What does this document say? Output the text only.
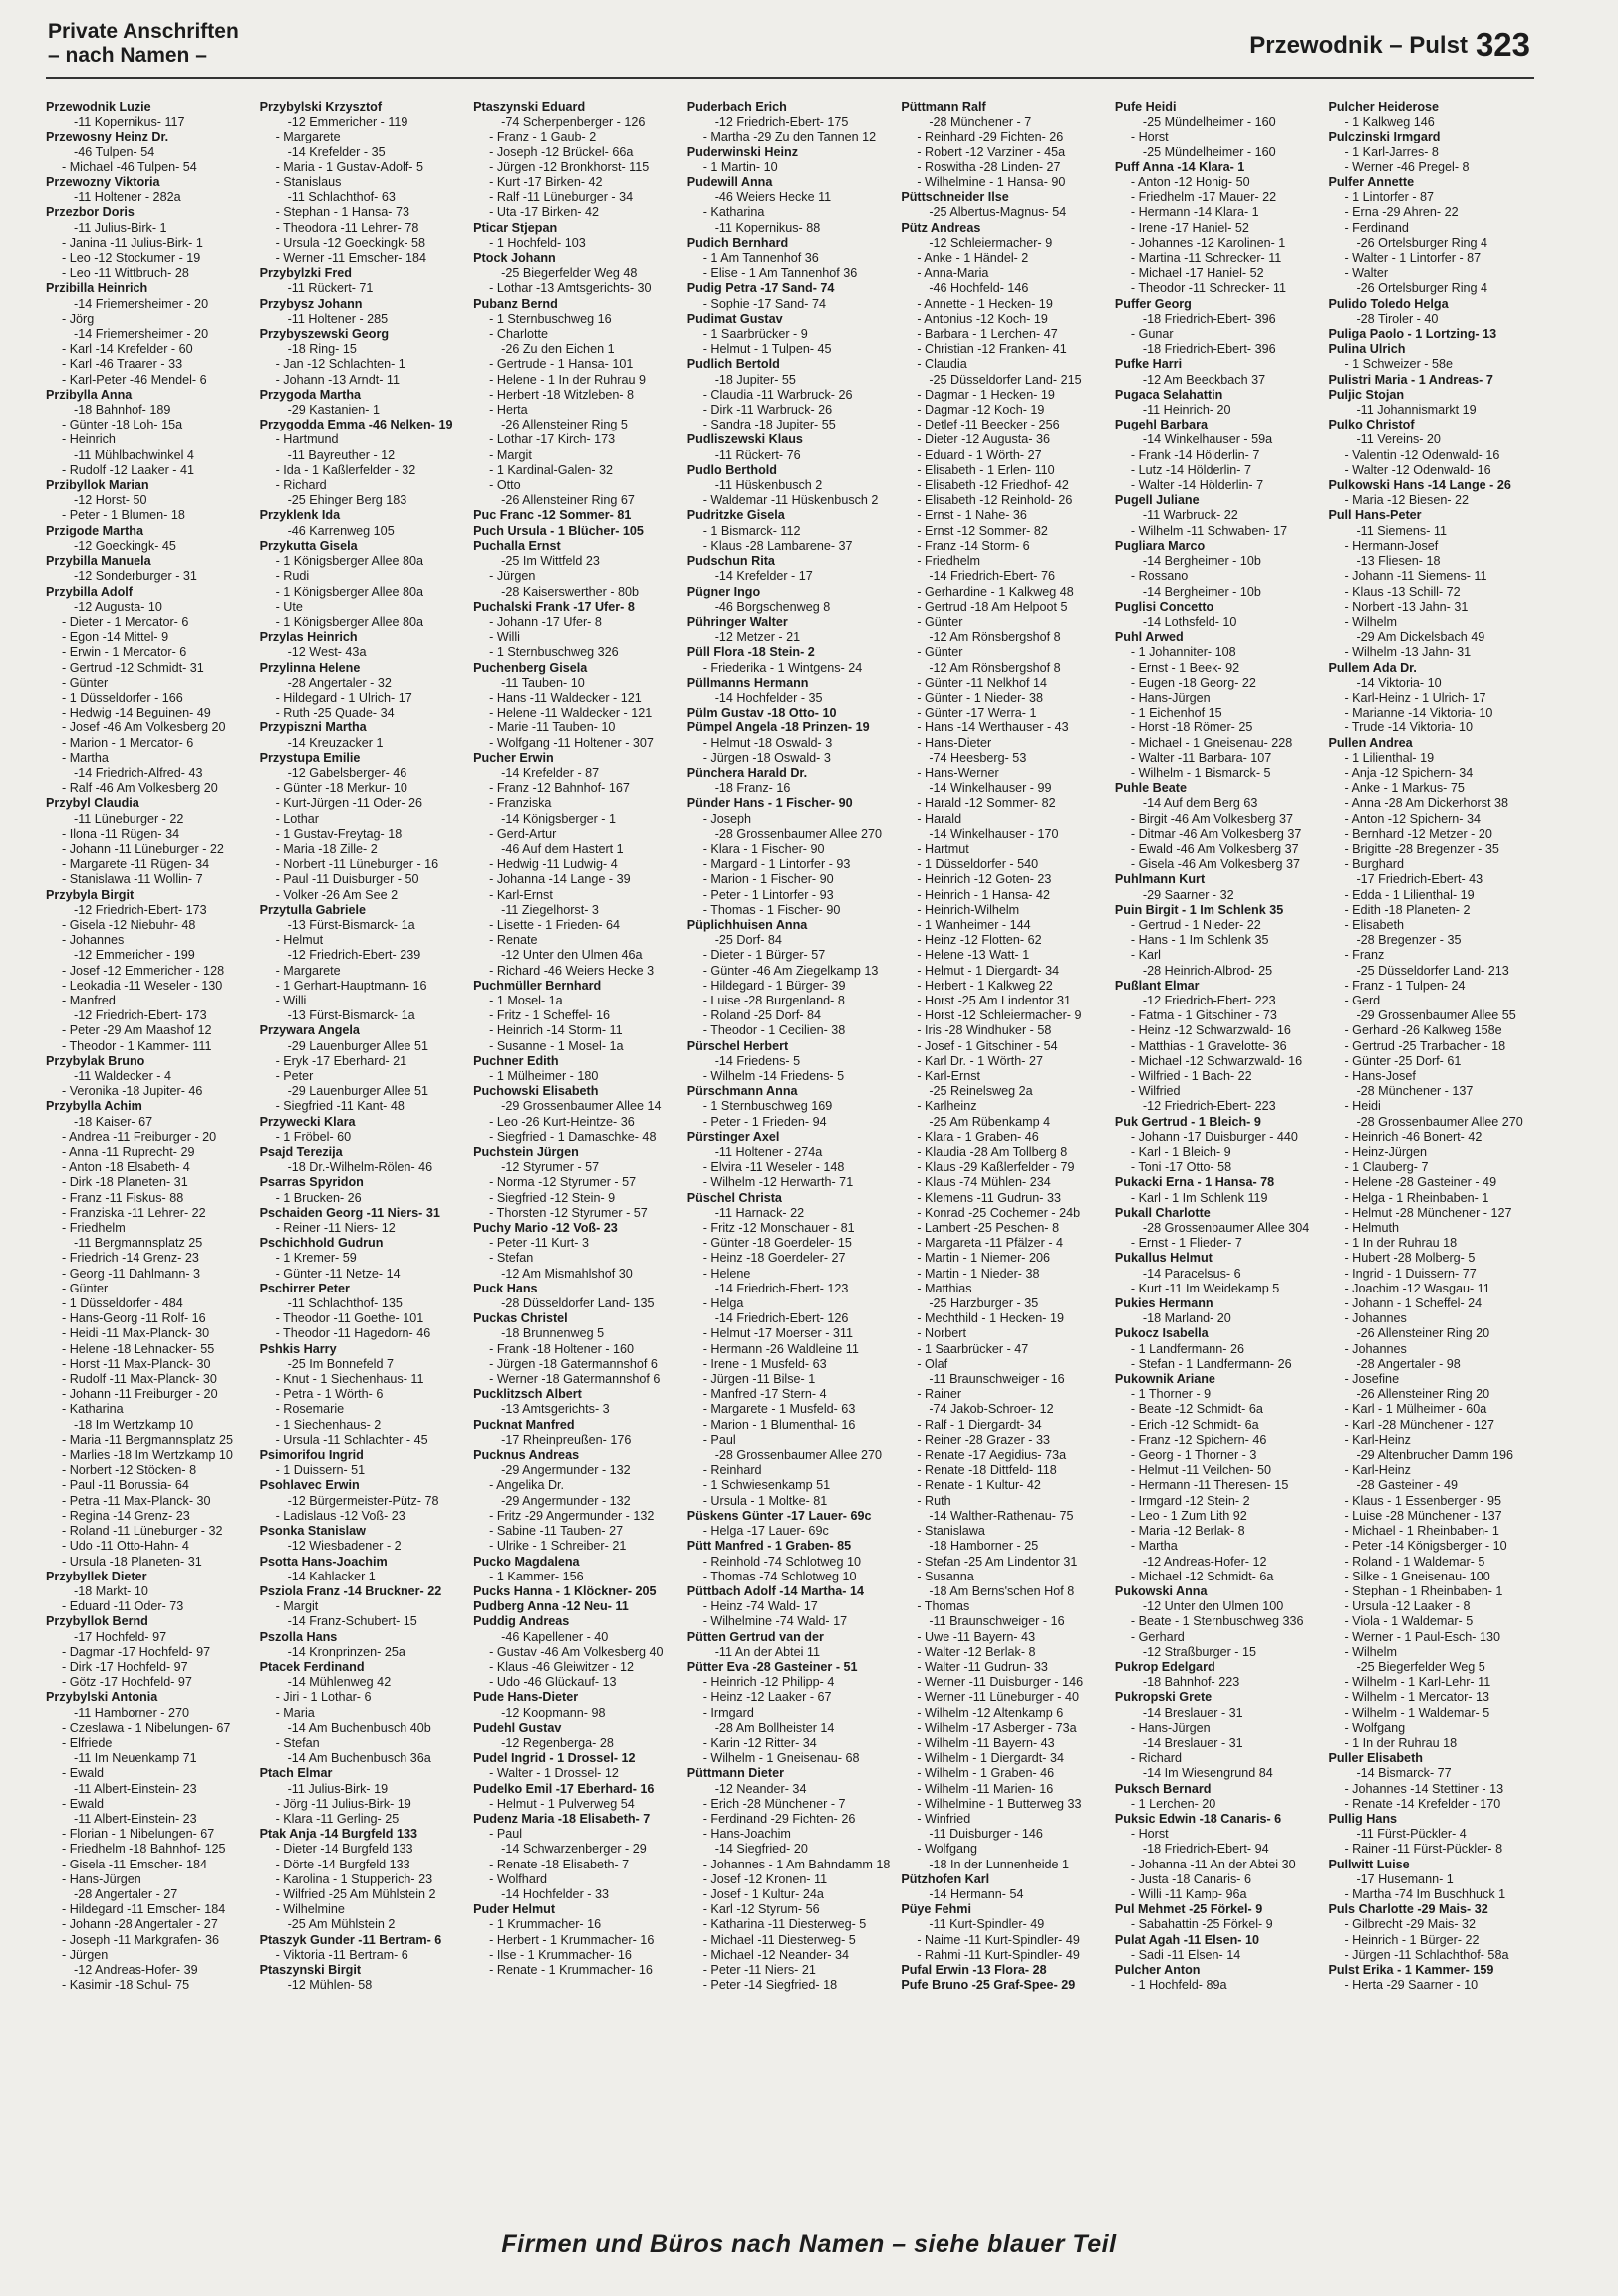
Private Anschriften
– nach Namen –	Przewodnik – Pulst 323
Przewodnik Luzie
-11 Kopernikus- 117
Przewosny Heinz Dr.
-46 Tulpen- 54
- Michael -46 Tulpen- 54
Przewozny Viktoria
-11 Holtener - 282a
Przezbor Doris
-11 Julius-Birk- 1
- Janina -11 Julius-Birk- 1
- Leo -12 Stockumer - 19
- Leo -11 Wittbruch- 28
Przibilla Heinrich
-14 Friemersheimer - 20
- Jörg
-14 Friemersheimer - 20
- Karl -14 Krefelder - 60
- Karl -46 Traarer - 33
- Karl-Peter -46 Mendel- 6
Przibylla Anna
-18 Bahnhof- 189
- Günter -18 Loh- 15a
- Heinrich
-11 Mühlbachwinkel 4
- Rudolf -12 Laaker - 41
Przibyllok Marian
-12 Horst- 50
- Peter - 1 Blumen- 18
Przigode Martha
-12 Goeckingk- 45
Przybilla Manuela
-12 Sonderburger - 31
Przybilla Adolf
-12 Augusta- 10
- Dieter - 1 Mercator- 6
- Egon -14 Mittel- 9
- Erwin - 1 Mercator- 6
- Gertrud -12 Schmidt- 31
- Günter
- 1 Düsseldorfer - 166
- Hedwig -14 Beguinen- 49
- Josef -46 Am Volkesberg 20
- Marion - 1 Mercator- 6
- Martha
-14 Friedrich-Alfred- 43
- Ralf -46 Am Volkesberg 20
Przybyl Claudia
-11 Lüneburger - 22
- Ilona -11 Rügen- 34
- Johann -11 Lüneburger - 22
- Margarete -11 Rügen- 34
- Stanislawa -11 Wollin- 7
Przybyla Birgit
-12 Friedrich-Ebert- 173
- Gisela -12 Niebuhr- 48
- Johannes
-12 Emmericher - 199
- Josef -12 Emmericher - 128
- Leokadia -11 Weseler - 130
- Manfred
-12 Friedrich-Ebert- 173
- Peter -29 Am Maashof 12
- Theodor - 1 Kammer- 111
Przybylak Bruno
-11 Waldecker - 4
- Veronika -18 Jupiter- 46
Przybylla Achim
-18 Kaiser- 67
- Andrea -11 Freiburger - 20
- Anna -11 Ruprecht- 29
- Anton -18 Elsabeth- 4
- Dirk -18 Planeten- 31
- Franz -11 Fiskus- 88
- Franziska -11 Lehrer- 22
- Friedhelm
-11 Bergmannsplatz 25
- Friedrich -14 Grenz- 23
- Georg -11 Dahlmann- 3
- Günter
- 1 Düsseldorfer - 484
- Hans-Georg -11 Rolf- 16
- Heidi -11 Max-Planck- 30
- Helene -18 Lehnacker- 55
- Horst -11 Max-Planck- 30
- Rudolf -11 Max-Planck- 30
- Johann -11 Freiburger - 20
- Katharina
-18 Im Wertzkamp 10
- Maria -11 Bergmannsplatz 25
- Marlies -18 Im Wertzkamp 10
- Norbert -12 Stöcken- 8
- Paul -11 Borussia- 64
- Petra -11 Max-Planck- 30
- Regina -14 Grenz- 23
- Roland -11 Lüneburger - 32
- Udo -11 Otto-Hahn- 4
- Ursula -18 Planeten- 31
Przybyllek Dieter
-18 Markt- 10
- Eduard -11 Oder- 73
Przybyllok Bernd
-17 Hochfeld- 97
- Dagmar -17 Hochfeld- 97
- Dirk -17 Hochfeld- 97
- Götz -17 Hochfeld- 97
Przybylski Antonia
-11 Hamborner - 270
- Czeslawa - 1 Nibelungen- 67
- Elfriede
-11 Im Neuenkamp 71
- Ewald
-11 Albert-Einstein- 23
- Ewald
-11 Albert-Einstein- 23
- Florian - 1 Nibelungen- 67
- Friedhelm -18 Bahnhof- 125
- Gisela -11 Emscher- 184
- Hans-Jürgen
-28 Angertaler - 27
- Hildegard -11 Emscher- 184
- Johann -28 Angertaler - 27
- Joseph -11 Markgrafen- 36
- Jürgen
-12 Andreas-Hofer- 39
- Kasimir -18 Schul- 75
Przybylski Krzysztof
-12 Emmericher - 119
- Margarete
-14 Krefelder - 35
- Maria - 1 Gustav-Adolf- 5
- Stanislaus
-11 Schlachthof- 63
- Stephan - 1 Hansa- 73
- Theodora -11 Lehrer- 78
- Ursula -12 Goeckingk- 58
- Werner -11 Emscher- 184
Przybylzki Fred
-11 Rückert- 71
Przybysz Johann
-11 Holtener - 285
Przybyszewski Georg
-18 Ring- 15
- Jan -12 Schlachten- 1
- Johann -13 Arndt- 11
Przygoda Martha
-29 Kastanien- 1
Przygodda Emma -46 Nelken- 19
- Hartmund
-11 Bayreuther - 12
- Ida - 1 Kaßlerfelder - 32
- Richard
-25 Ehinger Berg 183
Przyklenk Ida
-46 Karrenweg 105
Przykutta Gisela
- 1 Königsberger Allee 80a
- Rudi
- 1 Königsberger Allee 80a
- Ute
- 1 Königsberger Allee 80a
Przylas Heinrich
-12 West- 43a
Przylinna Helene
-28 Angertaler - 32
- Hildegard - 1 Ulrich- 17
- Ruth -25 Quade- 34
Przypiszni Martha
-14 Kreuzacker 1
Przystupa Emilie
-12 Gabelsberger- 46
- Günter -18 Merkur- 10
- Kurt-Jürgen -11 Oder- 26
- Lothar
- 1 Gustav-Freytag- 18
- Maria -18 Zille- 2
- Norbert -11 Lüneburger - 16
- Paul -11 Duisburger - 50
- Volker -26 Am See 2
Przytulla Gabriele
-13 Fürst-Bismarck- 1a
- Helmut
-12 Friedrich-Ebert- 239
- Margarete
- 1 Gerhart-Hauptmann- 16
- Willi
-13 Fürst-Bismarck- 1a
Przywara Angela
-29 Lauenburger Allee 51
- Eryk -17 Eberhard- 21
- Peter
-29 Lauenburger Allee 51
- Siegfried -11 Kant- 48
Przywecki Klara
- 1 Fröbel- 60
Psajd Terezija
-18 Dr.-Wilhelm-Rölen- 46
Psarras Spyridon
- 1 Brucken- 26
Pschaiden Georg -11 Niers- 31
- Reiner -11 Niers- 12
Pschichhold Gudrun
- 1 Kremer- 59
- Günter -11 Netze- 14
Pschirrer Peter
-11 Schlachthof- 135
- Theodor -11 Goethe- 101
- Theodor -11 Hagedorn- 46
Pshkis Harry
-25 Im Bonnefeld 7
- Knut - 1 Siechenhaus- 11
- Petra - 1 Wörth- 6
- Rosemarie
- 1 Siechenhaus- 2
- Ursula -11 Schlachter - 45
Psimorifou Ingrid
- 1 Duissern- 51
Psohlavec Erwin
-12 Bürgermeister-Pütz- 78
- Ladislaus -12 Voß- 23
Psonka Stanislaw
-12 Wiesbadener - 2
Psotta Hans-Joachim
-14 Kahlacker 1
Psziola Franz -14 Bruckner- 22
- Margit
-14 Franz-Schubert- 15
Pszolla Hans
-14 Kronprinzen- 25a
Ptacek Ferdinand
-14 Mühlenweg 42
- Jiri - 1 Lothar- 6
- Maria
-14 Am Buchenbusch 40b
- Stefan
-14 Am Buchenbusch 36a
Ptach Elmar
-11 Julius-Birk- 19
- Jörg -11 Julius-Birk- 19
- Klara -11 Gerling- 25
Ptak Anja -14 Burgfeld 133
- Dieter -14 Burgfeld 133
- Dörte -14 Burgfeld 133
- Karolina - 1 Stupperich- 23
- Wilfried -25 Am Mühlstein 2
- Wilhelmine
-25 Am Mühlstein 2
Ptaszyk Gunder -11 Bertram- 6
- Viktoria -11 Bertram- 6
Ptaszynski Birgit
-12 Mühlen- 58
Ptaszynski Eduard
-74 Scherpenberger - 126
- Franz - 1 Gaub- 2
- Joseph -12 Brückel- 66a
- Jürgen -12 Bronkhorst- 115
- Kurt -17 Birken- 42
- Ralf -11 Lüneburger - 34
- Uta -17 Birken- 42
Pticar Stjepan
- 1 Hochfeld- 103
Ptock Johann
-25 Biegerfelder Weg 48
- Lothar -13 Amtsgerichts- 30
Pubanz Bernd
- 1 Sternbuschweg 16
- Charlotte
-26 Zu den Eichen 1
- Gertrude - 1 Hansa- 101
- Helene - 1 In der Ruhrau 9
- Herbert -18 Witzleben- 8
- Herta
-26 Allensteiner Ring 5
- Lothar -17 Kirch- 173
- Margit
- 1 Kardinal-Galen- 32
- Otto
-26 Allensteiner Ring 67
Puc Franc -12 Sommer- 81
Puch Ursula - 1 Blücher- 105
Puchalla Ernst
-25 Im Wittfeld 23
- Jürgen
-28 Kaiserswerther - 80b
Puchalski Frank -17 Ufer- 8
- Johann -17 Ufer- 8
- Willi
- 1 Sternbuschweg 326
Puchenberg Gisela
-11 Tauben- 10
- Hans -11 Waldecker - 121
- Helene -11 Waldecker - 121
- Marie -11 Tauben- 10
- Wolfgang -11 Holtener - 307
Pucher Erwin
-14 Krefelder - 87
- Franz -12 Bahnhof- 167
- Franziska
-14 Königsberger - 1
- Gerd-Artur
-46 Auf dem Hastert 1
- Hedwig -11 Ludwig- 4
- Johanna -14 Lange - 39
- Karl-Ernst
-11 Ziegelhorst- 3
- Lisette - 1 Frieden- 64
- Renate
-12 Unter den Ulmen 46a
- Richard -46 Weiers Hecke 3
Puchmüller Bernhard
- 1 Mosel- 1a
- Fritz - 1 Scheffel- 16
- Heinrich -14 Storm- 11
- Susanne - 1 Mosel- 1a
Puchner Edith
- 1 Mülheimer - 180
Puchowski Elisabeth
-29 Grossenbaumer Allee 14
- Leo -26 Kurt-Heintze- 36
- Siegfried - 1 Damaschke- 48
Puchstein Jürgen
-12 Styrumer - 57
- Norma -12 Styrumer - 57
- Siegfried -12 Stein- 9
- Thorsten -12 Styrumer - 57
Puchy Mario -12 Voß- 23
- Peter -11 Kurt- 3
- Stefan
-12 Am Mismahlshof 30
Puck Hans
-28 Düsseldorfer Land- 135
Puckas Christel
-18 Brunnenweg 5
- Frank -18 Holtener - 160
- Jürgen -18 Gatermannshof 6
- Werner -18 Gatermannshof 6
Pucklitzsch Albert
-13 Amtsgerichts- 3
Pucknat Manfred
-17 Rheinpreußen- 176
Pucknus Andreas
-29 Angermunder - 132
- Angelika Dr.
-29 Angermunder - 132
- Fritz -29 Angermunder - 132
- Sabine -11 Tauben- 27
- Ulrike - 1 Schreiber- 21
Pucko Magdalena
- 1 Kammer- 156
Pucks Hanna - 1 Klöckner- 205
Pudberg Anna -12 Neu- 11
Puddig Andreas
-46 Kapellener - 40
- Gustav -46 Am Volkesberg 40
- Klaus -46 Gleiwitzer - 12
- Udo -46 Glückauf- 13
Pude Hans-Dieter
-12 Koopmann- 98
Pudehl Gustav
-12 Regenberga- 28
Pudel Ingrid - 1 Drossel- 12
- Walter - 1 Drossel- 12
Pudelko Emil -17 Eberhard- 16
- Helmut - 1 Pulverweg 54
Pudenz Maria -18 Elisabeth- 7
- Paul
-14 Schwarzenberger - 29
- Renate -18 Elisabeth- 7
- Wolfhard
-14 Hochfelder - 33
Puder Helmut
- 1 Krummacher- 16
- Herbert - 1 Krummacher- 16
- Ilse - 1 Krummacher- 16
- Renate - 1 Krummacher- 16
Puderbach Erich
-12 Friedrich-Ebert- 175
- Martha -29 Zu den Tannen 12
Puderwinski Heinz
- 1 Martin- 10
Pudewill Anna
-46 Weiers Hecke 11
- Katharina
-11 Kopernikus- 88
Pudich Bernhard
- 1 Am Tannenhof 36
- Elise - 1 Am Tannenhof 36
Pudig Petra -17 Sand- 74
- Sophie -17 Sand- 74
Pudimat Gustav
- 1 Saarbrücker - 9
- Helmut - 1 Tulpen- 45
Pudlich Bertold
-18 Jupiter- 55
- Claudia -11 Warbruck- 26
- Dirk -11 Warbruck- 26
- Sandra -18 Jupiter- 55
Pudliszewski Klaus
-11 Rückert- 76
Pudlo Berthold
-11 Hüskenbusch 2
- Waldemar -11 Hüskenbusch 2
Pudritzke Gisela
- 1 Bismarck- 112
- Klaus -28 Lambarene- 37
Pudschun Rita
-14 Krefelder - 17
Pügner Ingo
-46 Borgschenweg 8
Pühringer Walter
-12 Metzer - 21
Püll Flora -18 Stein- 2
- Friederika - 1 Wintgens- 24
Püllmanns Hermann
-14 Hochfelder - 35
Pülm Gustav -18 Otto- 10
Pümpel Angela -18 Prinzen- 19
- Helmut -18 Oswald- 3
- Jürgen -18 Oswald- 3
Pünchera Harald Dr.
-18 Franz- 16
Pünder Hans - 1 Fischer- 90
- Joseph
-28 Grossenbaumer Allee 270
- Klara - 1 Fischer- 90
- Margard - 1 Lintorfer - 93
- Marion - 1 Fischer- 90
- Peter - 1 Lintorfer - 93
- Thomas - 1 Fischer- 90
Püplichhuisen Anna
-25 Dorf- 84
- Dieter - 1 Bürger- 57
- Günter -46 Am Ziegelkamp 13
- Hildegard - 1 Bürger- 39
- Luise -28 Burgenland- 8
- Roland -25 Dorf- 84
- Theodor - 1 Cecilien- 38
Pürschel Herbert
-14 Friedens- 5
- Wilhelm -14 Friedens- 5
Pürschmann Anna
- 1 Sternbuschweg 169
- Peter - 1 Frieden- 94
Pürstinger Axel
-11 Holtener - 274a
- Elvira -11 Weseler - 148
- Wilhelm -12 Herwarth- 71
Püschel Christa
-11 Harnack- 22
- Fritz -12 Monschauer - 81
- Günter -18 Goerdeler- 15
- Heinz -18 Goerdeler- 27
- Helene
-14 Friedrich-Ebert- 123
- Helga
-14 Friedrich-Ebert- 126
- Helmut -17 Moerser - 311
- Hermann -26 Waldleine 11
- Irene - 1 Musfeld- 63
- Jürgen -11 Bilse- 1
- Manfred -17 Stern- 4
- Margarete - 1 Musfeld- 63
- Marion - 1 Blumenthal- 16
- Paul
-28 Grossenbaumer Allee 270
- Reinhard
- 1 Schwiesenkamp 51
- Ursula - 1 Moltke- 81
Püskens Günter -17 Lauer- 69c
- Helga -17 Lauer- 69c
Pütt Manfred - 1 Graben- 85
- Reinhold -74 Schlotweg 10
- Thomas -74 Schlotweg 10
Püttbach Adolf -14 Martha- 14
- Heinz -74 Wald- 17
- Wilhelmine -74 Wald- 17
Pütten Gertrud van der
-11 An der Abtei 11
Pütter Eva -28 Gasteiner - 51
- Heinrich -12 Philipp- 4
- Heinz -12 Laaker - 67
- Irmgard
-28 Am Bollheister 14
- Karin -12 Ritter- 34
- Wilhelm - 1 Gneisenau- 68
Püttmann Dieter
-12 Neander- 34
- Erich -28 Münchener - 7
- Ferdinand -29 Fichten- 26
- Hans-Joachim
-14 Siegfried- 20
- Johannes - 1 Am Bahndamm 18
- Josef -12 Kronen- 11
- Josef - 1 Kultur- 24a
- Karl -12 Styrum- 56
- Katharina -11 Diesterweg- 5
- Michael -11 Diesterweg- 5
- Michael -12 Neander- 34
- Peter -11 Niers- 21
- Peter -14 Siegfried- 18
Püttmann Ralf
-28 Münchener - 7
- Reinhard -29 Fichten- 26
- Robert -12 Varziner - 45a
- Roswitha -28 Linden- 27
- Wilhelmine - 1 Hansa- 90
Püttschneider Ilse
-25 Albertus-Magnus- 54
Pütz Andreas
-12 Schleiermacher- 9
- Anke - 1 Händel- 2
- Anna-Maria
-46 Hochfeld- 146
- Annette - 1 Hecken- 19
- Antonius -12 Koch- 19
- Barbara - 1 Lerchen- 47
- Christian -12 Franken- 41
- Claudia
-25 Düsseldorfer Land- 215
- Dagmar - 1 Hecken- 19
- Dagmar -12 Koch- 19
- Detlef -11 Beecker - 256
- Dieter -12 Augusta- 36
- Eduard - 1 Wörth- 27
- Elisabeth - 1 Erlen- 110
- Elisabeth -12 Friedhof- 42
- Elisabeth -12 Reinhold- 26
- Ernst - 1 Nahe- 36
- Ernst -12 Sommer- 82
- Franz -14 Storm- 6
- Friedhelm
-14 Friedrich-Ebert- 76
- Gerhardine - 1 Kalkweg 48
- Gertrud -18 Am Helpoot 5
- Günter
-12 Am Rönsbergshof 8
- Günter
-12 Am Rönsbergshof 8
- Günter -11 Nelkhof 14
- Günter - 1 Nieder- 38
- Günter -17 Werra- 1
- Hans -14 Werthauser - 43
- Hans-Dieter
-74 Heesberg- 53
- Hans-Werner
-14 Winkelhauser - 99
- Harald -12 Sommer- 82
- Harald
-14 Winkelhauser - 170
- Hartmut
- 1 Düsseldorfer - 540
- Heinrich -12 Goten- 23
- Heinrich - 1 Hansa- 42
- Heinrich-Wilhelm
- 1 Wanheimer - 144
- Heinz -12 Flotten- 62
- Helene -13 Watt- 1
- Helmut - 1 Diergardt- 34
- Herbert - 1 Kalkweg 22
- Horst -25 Am Lindentor 31
- Horst -12 Schleiermacher- 9
- Iris -28 Windhuker - 58
- Josef - 1 Gitschiner - 54
- Karl Dr. - 1 Wörth- 27
- Karl-Ernst
-25 Reinelsweg 2a
- Karlheinz
-25 Am Rübenkamp 4
- Klara - 1 Graben- 46
- Klaudia -28 Am Tollberg 8
- Klaus -29 Kaßlerfelder - 79
- Klaus -74 Mühlen- 234
- Klemens -11 Gudrun- 33
- Konrad -25 Cochemer - 24b
- Lambert -25 Peschen- 8
- Margareta -11 Pfälzer - 4
- Martin - 1 Niemer- 206
- Martin - 1 Nieder- 38
- Matthias
-25 Harzburger - 35
- Mechthild - 1 Hecken- 19
- Norbert
- 1 Saarbrücker - 47
- Olaf
-11 Braunschweiger - 16
- Rainer
-74 Jakob-Schroer- 12
- Ralf - 1 Diergardt- 34
- Reiner -28 Grazer - 33
- Renate -17 Aegidius- 73a
- Renate -18 Dittfeld- 118
- Renate - 1 Kultur- 42
- Ruth
-14 Walther-Rathenau- 75
- Stanislawa
-18 Hamborner - 25
- Stefan -25 Am Lindentor 31
- Susanna
-18 Am Berns'schen Hof 8
- Thomas
-11 Braunschweiger - 16
- Uwe -11 Bayern- 43
- Walter -12 Berlak- 8
- Walter -11 Gudrun- 33
- Werner -11 Duisburger - 146
- Werner -11 Lüneburger - 40
- Wilhelm -12 Altenkamp 6
- Wilhelm -17 Asberger - 73a
- Wilhelm -11 Bayern- 43
- Wilhelm - 1 Diergardt- 34
- Wilhelm - 1 Graben- 46
- Wilhelm -11 Marien- 16
- Wilhelmine - 1 Butterweg 33
- Winfried
-11 Duisburger - 146
- Wolfgang
-18 In der Lunnenheide 1
Pützhofen Karl
-14 Hermann- 54
Püye Fehmi
-11 Kurt-Spindler- 49
- Naime -11 Kurt-Spindler- 49
- Rahmi -11 Kurt-Spindler- 49
Pufal Erwin -13 Flora- 28
Pufe Bruno -25 Graf-Spee- 29
Pufe Heidi
-25 Mündelheimer - 160
- Horst
-25 Mündelheimer - 160
Puff Anna -14 Klara- 1
- Anton -12 Honig- 50
- Friedhelm -17 Mauer- 22
- Hermann -14 Klara- 1
- Irene -17 Haniel- 52
- Johannes -12 Karolinen- 1
- Martina -11 Schrecker- 11
- Michael -17 Haniel- 52
- Theodor -11 Schrecker- 11
Puffer Georg
-18 Friedrich-Ebert- 396
- Gunar
-18 Friedrich-Ebert- 396
Pufke Harri
-12 Am Beeckbach 37
Pugaca Selahattin
-11 Heinrich- 20
Pugehl Barbara
-14 Winkelhauser - 59a
- Frank -14 Hölderlin- 7
- Lutz -14 Hölderlin- 7
- Walter -14 Hölderlin- 7
Pugell Juliane
-11 Warbruck- 22
- Wilhelm -11 Schwaben- 17
Pugliara Marco
-14 Bergheimer - 10b
- Rossano
-14 Bergheimer - 10b
Puglisi Concetto
-14 Lothsfeld- 10
Puhl Arwed
- 1 Johanniter- 108
- Ernst - 1 Beek- 92
- Eugen -18 Georg- 22
- Hans-Jürgen
- 1 Eichenhof 15
- Horst -18 Römer- 25
- Michael - 1 Gneisenau- 228
- Walter -11 Barbara- 107
- Wilhelm - 1 Bismarck- 5
Puhle Beate
-14 Auf dem Berg 63
- Birgit -46 Am Volkesberg 37
- Ditmar -46 Am Volkesberg 37
- Ewald -46 Am Volkesberg 37
- Gisela -46 Am Volkesberg 37
Puhlmann Kurt
-29 Saarner - 32
Puin Birgit - 1 Im Schlenk 35
- Gertrud - 1 Nieder- 22
- Hans - 1 Im Schlenk 35
- Karl
-28 Heinrich-Albrod- 25
Pußlant Elmar
-12 Friedrich-Ebert- 223
- Fatma - 1 Gitschiner - 73
- Heinz -12 Schwarzwald- 16
- Matthias - 1 Gravelotte- 36
- Michael -12 Schwarzwald- 16
- Wilfried - 1 Bach- 22
- Wilfried
-12 Friedrich-Ebert- 223
Puk Gertrud - 1 Bleich- 9
- Johann -17 Duisburger - 440
- Karl - 1 Bleich- 9
- Toni -17 Otto- 58
Pukacki Erna - 1 Hansa- 78
- Karl - 1 Im Schlenk 119
Pukall Charlotte
-28 Grossenbaumer Allee 304
- Ernst - 1 Flieder- 7
Pukallus Helmut
-14 Paracelsus- 6
- Kurt -11 Im Weidekamp 5
Pukies Hermann
-18 Marland- 20
Pukocz Isabella
- 1 Landfermann- 26
- Stefan - 1 Landfermann- 26
Pukownik Ariane
- 1 Thorner - 9
- Beate -12 Schmidt- 6a
- Erich -12 Schmidt- 6a
- Franz -12 Spichern- 46
- Georg - 1 Thorner - 3
- Helmut -11 Veilchen- 50
- Hermann -11 Theresen- 15
- Irmgard -12 Stein- 2
- Leo - 1 Zum Lith 92
- Maria -12 Berlak- 8
- Martha
-12 Andreas-Hofer- 12
- Michael -12 Schmidt- 6a
Pukowski Anna
-12 Unter den Ulmen 100
- Beate - 1 Sternbuschweg 336
- Gerhard
-12 Straßburger - 15
Pukrop Edelgard
-18 Bahnhof- 223
Pukropski Grete
-14 Breslauer - 31
- Hans-Jürgen
-14 Breslauer - 31
- Richard
-14 Im Wiesengrund 84
Puksch Bernard
- 1 Lerchen- 20
Puksic Edwin -18 Canaris- 6
- Horst
-18 Friedrich-Ebert- 94
- Johanna -11 An der Abtei 30
- Justa -18 Canaris- 6
- Willi -11 Kamp- 96a
Pul Mehmet -25 Förkel- 9
- Sabahattin -25 Förkel- 9
Pulat Agah -11 Elsen- 10
- Sadi -11 Elsen- 14
Pulcher Anton
- 1 Hochfeld- 89a
Pulcher Heiderose
- 1 Kalkweg 146
Pulczinski Irmgard
- 1 Karl-Jarres- 8
- Werner -46 Pregel- 8
Pulfer Annette
- 1 Lintorfer - 87
- Erna -29 Ahren- 22
- Ferdinand
-26 Ortelsburger Ring 4
- Walter - 1 Lintorfer - 87
- Walter
-26 Ortelsburger Ring 4
Pulido Toledo Helga
-28 Tiroler - 40
Puliga Paolo - 1 Lortzing- 13
Pulina Ulrich
- 1 Schweizer - 58e
Pulistri Maria - 1 Andreas- 7
Puljic Stojan
-11 Johannismarkt 19
Pulko Christof
-11 Vereins- 20
- Valentin -12 Odenwald- 16
- Walter -12 Odenwald- 16
Pulkowski Hans -14 Lange - 26
- Maria -12 Biesen- 22
Pull Hans-Peter
-11 Siemens- 11
- Hermann-Josef
-13 Fliesen- 18
- Johann -11 Siemens- 11
- Klaus -13 Schill- 72
- Norbert -13 Jahn- 31
- Wilhelm
-29 Am Dickelsbach 49
- Wilhelm -13 Jahn- 31
Pullem Ada Dr.
-14 Viktoria- 10
- Karl-Heinz - 1 Ulrich- 17
- Marianne -14 Viktoria- 10
- Trude -14 Viktoria- 10
Pullen Andrea
- 1 Lilienthal- 19
- Anja -12 Spichern- 34
- Anke - 1 Markus- 75
- Anna -28 Am Dickerhorst 38
- Anton -12 Spichern- 34
- Bernhard -12 Metzer - 20
- Brigitte -28 Bregenzer - 35
- Burghard
-17 Friedrich-Ebert- 43
- Edda - 1 Lilienthal- 19
- Edith -18 Planeten- 2
- Elisabeth
-28 Bregenzer - 35
- Franz
-25 Düsseldorfer Land- 213
- Franz - 1 Tulpen- 24
- Gerd
-29 Grossenbaumer Allee 55
- Gerhard -26 Kalkweg 158e
- Gertrud -25 Trarbacher - 18
- Günter -25 Dorf- 61
- Hans-Josef
-28 Münchener - 137
- Heidi
-28 Grossenbaumer Allee 270
- Heinrich -46 Bonert- 42
- Heinz-Jürgen
- 1 Clauberg- 7
- Helene -28 Gasteiner - 49
- Helga - 1 Rheinbaben- 1
- Helmut -28 Münchener - 127
- Helmuth
- 1 In der Ruhrau 18
- Hubert -28 Molberg- 5
- Ingrid - 1 Duissern- 77
- Joachim -12 Wasgau- 11
- Johann - 1 Scheffel- 24
- Johannes
-26 Allensteiner Ring 20
- Johannes
-28 Angertaler - 98
- Josefine
-26 Allensteiner Ring 20
- Karl - 1 Mülheimer - 60a
- Karl -28 Münchener - 127
- Karl-Heinz
-29 Altenbrucher Damm 196
- Karl-Heinz
-28 Gasteiner - 49
- Klaus - 1 Essenberger - 95
- Luise -28 Münchener - 137
- Michael - 1 Rheinbaben- 1
- Peter -14 Königsberger - 10
- Roland - 1 Waldemar- 5
- Silke - 1 Gneisenau- 100
- Stephan - 1 Rheinbaben- 1
- Ursula -12 Laaker - 8
- Viola - 1 Waldemar- 5
- Werner - 1 Paul-Esch- 130
- Wilhelm
-25 Biegerfelder Weg 5
- Wilhelm - 1 Karl-Lehr- 11
- Wilhelm - 1 Mercator- 13
- Wilhelm - 1 Waldemar- 5
- Wolfgang
- 1 In der Ruhrau 18
Puller Elisabeth
-14 Bismarck- 77
- Johannes -14 Stettiner - 13
- Renate -14 Krefelder - 170
Pullig Hans
-11 Fürst-Pückler- 4
- Rainer -11 Fürst-Pückler- 8
Pullwitt Luise
-17 Husemann- 1
- Martha -74 Im Buschhuck 1
Puls Charlotte -29 Mais- 32
- Gilbrecht -29 Mais- 32
- Heinrich - 1 Bürger- 22
- Jürgen -11 Schlachthof- 58a
Pulst Erika - 1 Kammer- 159
- Herta -29 Saarner - 10
Firmen und Büros nach Namen – siehe blauer Teil
